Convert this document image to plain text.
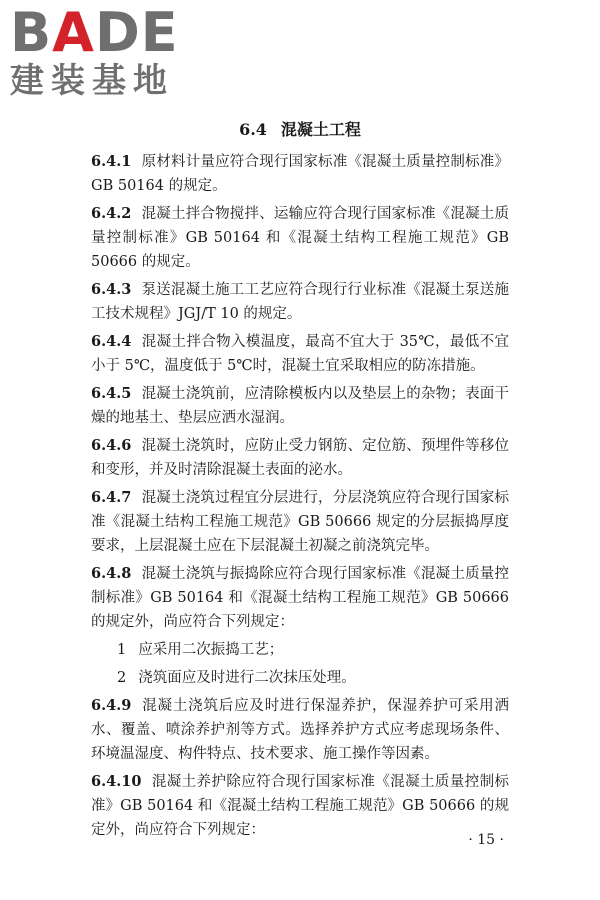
BADE
建装基地
6.4 混凝土工程

6.4.1 原材料计量应符合现行国家标准《混凝土质量控制标准》GB 50164 的规定。

6.4.2 混凝土拌合物搅拌、运输应符合现行国家标准《混凝土质量控制标准》GB 50164 和《混凝土结构工程施工规范》GB 50666 的规定。

6.4.3 泵送混凝土施工工艺应符合现行行业标准《混凝土泵送施工技术规程》JGJ/T 10 的规定。

6.4.4 混凝土拌合物入模温度，最高不宜大于 35℃，最低不宜小于 5℃，温度低于 5℃时，混凝土宜采取相应的防冻措施。

6.4.5 混凝土浇筑前，应清除模板内以及垫层上的杂物；表面干燥的地基土、垫层应洒水湿润。

6.4.6 混凝土浇筑时，应防止受力钢筋、定位筋、预埋件等移位和变形，并及时清除混凝土表面的泌水。

6.4.7 混凝土浇筑过程宜分层进行，分层浇筑应符合现行国家标准《混凝土结构工程施工规范》GB 50666 规定的分层振捣厚度要求，上层混凝土应在下层混凝土初凝之前浇筑完毕。

6.4.8 混凝土浇筑与振捣除应符合现行国家标准《混凝土质量控制标准》GB 50164 和《混凝土结构工程施工规范》GB 50666 的规定外，尚应符合下列规定：

1 应采用二次振捣工艺；

2 浇筑面应及时进行二次抹压处理。

6.4.9 混凝土浇筑后应及时进行保湿养护，保湿养护可采用洒水、覆盖、喷涂养护剂等方式。选择养护方式应考虑现场条件、环境温湿度、构件特点、技术要求、施工操作等因素。

6.4.10 混凝土养护除应符合现行国家标准《混凝土质量控制标准》GB 50164 和《混凝土结构工程施工规范》GB 50666 的规定外，尚应符合下列规定：

· 15 ·
